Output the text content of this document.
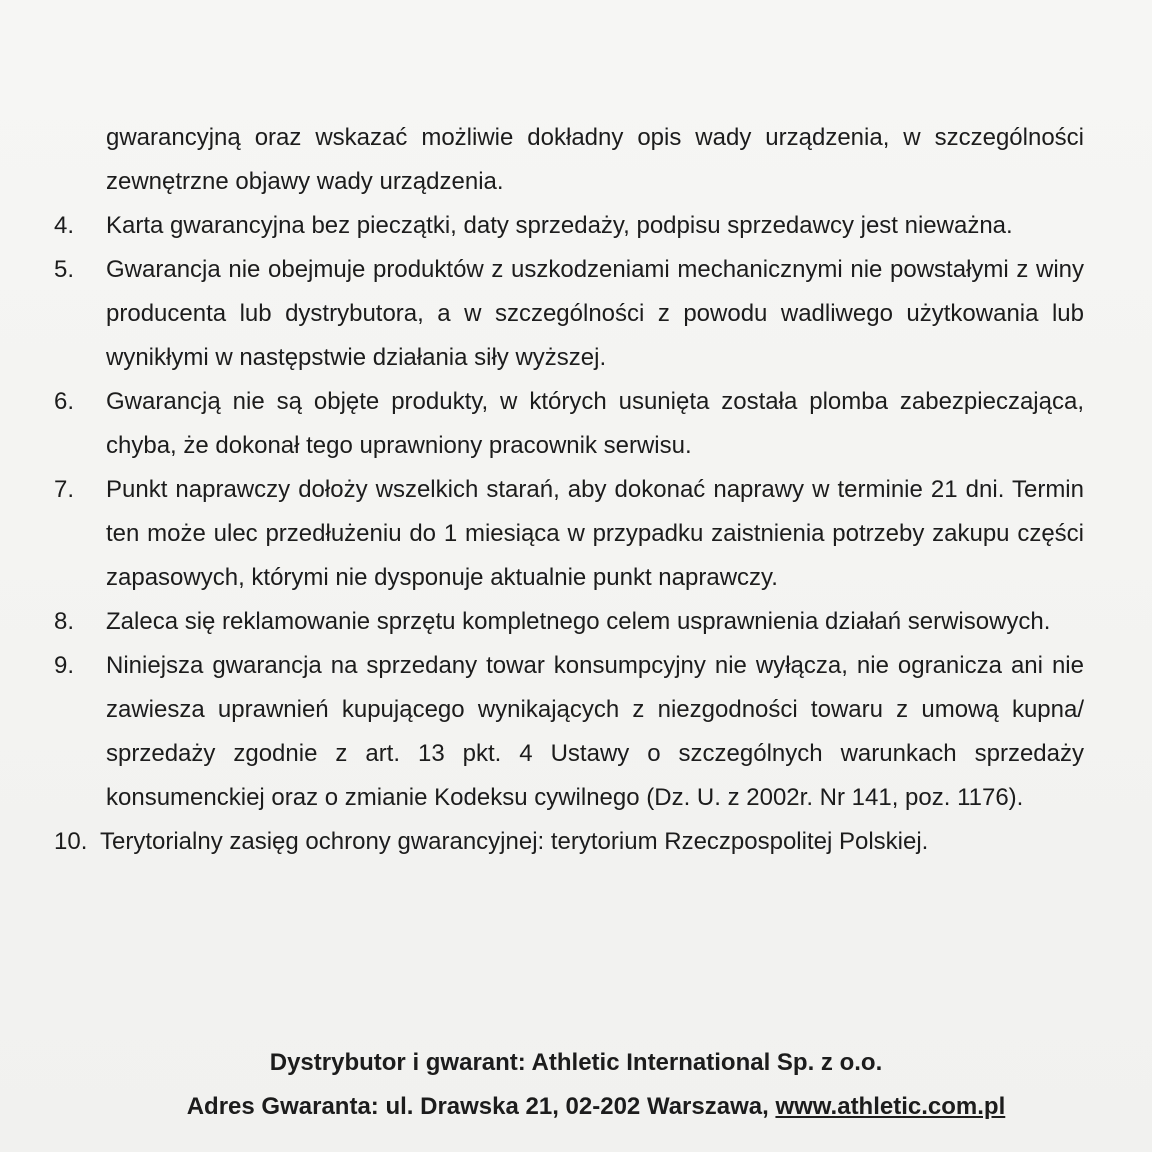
gwarancyjną oraz wskazać możliwie dokładny opis wady urządzenia, w szczególności zewnętrzne objawy wady urządzenia.
4.	Karta gwarancyjna bez pieczątki, daty sprzedaży, podpisu sprzedawcy jest nieważna.
5.	Gwarancja nie obejmuje produktów z uszkodzeniami mechanicznymi nie powstałymi z winy producenta lub dystrybutora, a w szczególności z powodu wadliwego użytkowania lub wynikłymi w następstwie działania siły wyższej.
6.	Gwarancją nie są objęte produkty, w których usunięta została plomba zabezpieczająca, chyba, że dokonał tego uprawniony pracownik serwisu.
7.	Punkt naprawczy dołoży wszelkich starań, aby dokonać naprawy w terminie 21 dni. Termin ten może ulec przedłużeniu do 1 miesiąca w przypadku zaistnienia potrzeby zakupu części zapasowych, którymi nie dysponuje aktualnie punkt naprawczy.
8.	Zaleca się reklamowanie sprzętu kompletnego celem usprawnienia działań serwisowych.
9.	Niniejsza gwarancja na sprzedany towar konsumpcyjny nie wyłącza, nie ogranicza ani nie zawiesza uprawnień kupującego wynikających z niezgodności towaru z umową kupna/ sprzedaży zgodnie z art. 13 pkt. 4 Ustawy o szczególnych warunkach sprzedaży konsumenckiej oraz o zmianie Kodeksu cywilnego (Dz. U. z 2002r. Nr 141, poz. 1176).
10. Terytorialny zasięg ochrony gwarancyjnej: terytorium Rzeczpospolitej Polskiej.
Dystrybutor i gwarant: Athletic International Sp. z o.o.
Adres Gwaranta: ul. Drawska 21, 02-202 Warszawa, www.athletic.com.pl
